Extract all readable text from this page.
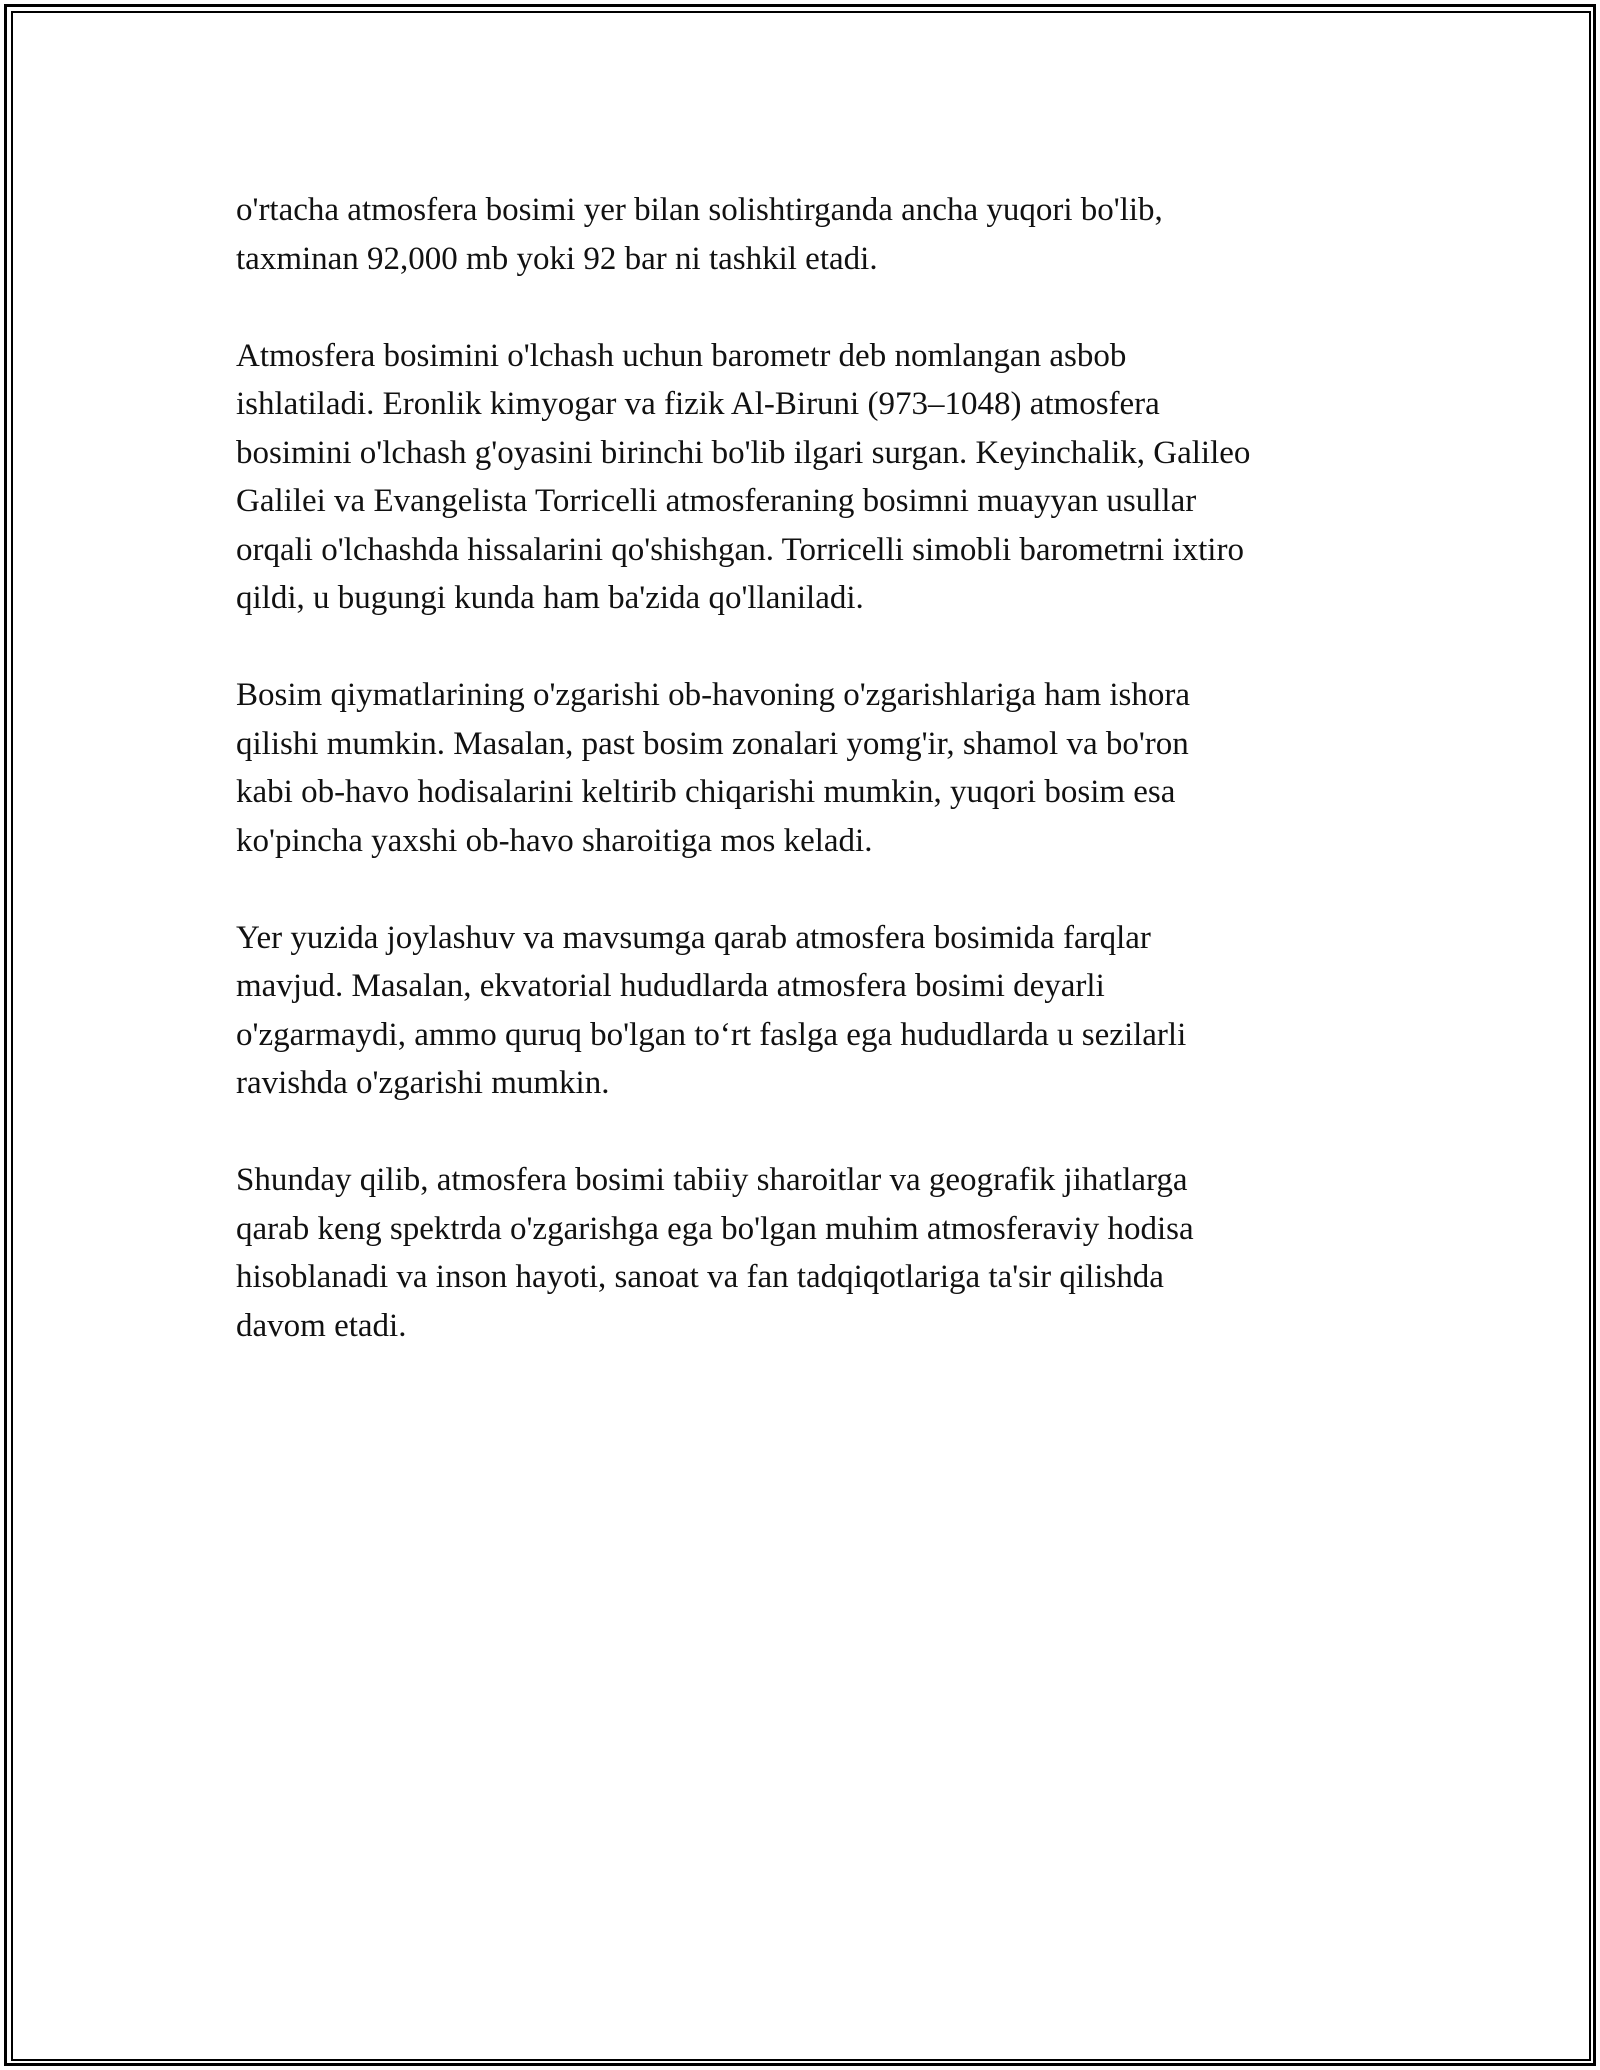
o'rtacha atmosfera bosimi yer bilan solishtirganda ancha yuqori bo'lib,
taxminan 92,000 mb yoki 92 bar ni tashkil etadi.

Atmosfera bosimini o'lchash uchun barometr deb nomlangan asbob
ishlatiladi. Eronlik kimyogar va fizik Al-Biruni (973–1048) atmosfera
bosimini o'lchash g'oyasini birinchi bo'lib ilgari surgan. Keyinchalik, Galileo
Galilei va Evangelista Torricelli atmosferaning bosimni muayyan usullar
orqali o'lchashda hissalarini qo'shishgan. Torricelli simobli barometrni ixtiro
qildi, u bugungi kunda ham ba'zida qo'llaniladi.

Bosim qiymatlarining o'zgarishi ob-havoning o'zgarishlariga ham ishora
qilishi mumkin. Masalan, past bosim zonalari yomg'ir, shamol va bo'ron
kabi ob-havo hodisalarini keltirib chiqarishi mumkin, yuqori bosim esa
ko'pincha yaxshi ob-havo sharoitiga mos keladi.

Yer yuzida joylashuv va mavsumga qarab atmosfera bosimida farqlar
mavjud. Masalan, ekvatorial hududlarda atmosfera bosimi deyarli
o'zgarmaydi, ammo quruq bo'lgan to‘rt faslga ega hududlarda u sezilarli
ravishda o'zgarishi mumkin.

Shunday qilib, atmosfera bosimi tabiiy sharoitlar va geografik jihatlarga
qarab keng spektrda o'zgarishga ega bo'lgan muhim atmosferaviy hodisa
hisoblanadi va inson hayoti, sanoat va fan tadqiqotlariga ta'sir qilishda
davom etadi.
